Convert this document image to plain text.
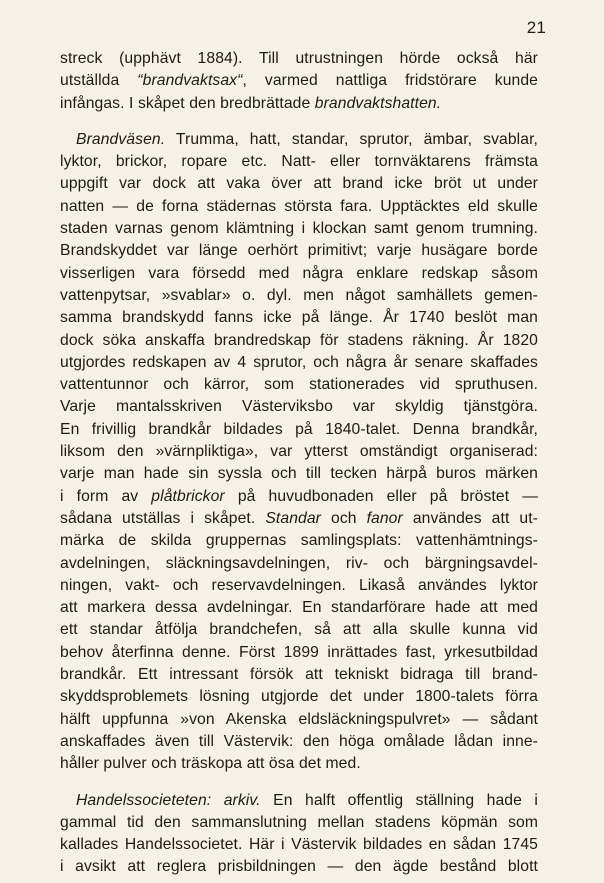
21
streck (upphävt 1884). Till utrustningen hörde också här
utställda “brandvaktsax“, varmed nattliga fridstörare kunde
infångas. I skåpet den bredbrättade brandvaktshatten.
Brandväsen. Trumma, hatt, standar, sprutor, ämbar, svablar,
lyktor, brickor, ropare etc. Natt- eller tornväktarens främsta
uppgift var dock att vaka över att brand icke bröt ut under
natten — de forna städernas största fara. Upptäcktes eld skulle
staden varnas genom klämtning i klockan samt genom trumning.
Brandskyddet var länge oerhört primitivt; varje husägare borde
visserligen vara försedd med några enklare redskap såsom
vattenpytsar, »svablar» o. dyl. men något samhällets gemen-
samma brandskydd fanns icke på länge. År 1740 beslöt man
dock söka anskaffa brandredskap för stadens räkning. År 1820
utgjordes redskapen av 4 sprutor, och några år senare skaffades
vattentunnor och kärror, som stationerades vid spruthusen.
Varje mantalsskriven Västerviksbo var skyldig tjänstgöra.
En frivillig brandkår bildades på 1840-talet. Denna brandkår,
liksom den »värnpliktiga», var ytterst omständigt organiserad:
varje man hade sin syssla och till tecken härpå buros märken
i form av plåtbrickor på huvudbonaden eller på bröstet —
sådana utställas i skåpet. Standar och fanor användes att ut-
märka de skilda gruppernas samlingsplats: vattenhämtnings-
avdelningen, släckningsavdelningen, riv- och bärgningsavdel-
ningen, vakt- och reservavdelningen. Likaså användes lyktor
att markera dessa avdelningar. En standarförare hade att med
ett standar åtfölja brandchefen, så att alla skulle kunna vid
behov återfinna denne. Först 1899 inrättades fast, yrkesutbildad
brandkår. Ett intressant försök att tekniskt bidraga till brand-
skyddsproblemets lösning utgjorde det under 1800-talets förra
hälft uppfunna »von Akenska eldsläckningspulvret» — sådant
anskaffades även till Västervik: den höga omålade lådan inne-
håller pulver och träskopa att ösa det med.
Handelssocieteten: arkiv. En halft offentlig ställning hade i
gammal tid den sammanslutning mellan stadens köpmän som
kallades Handelssocietet. Här i Västervik bildades en sådan 1745
i avsikt att reglera prisbildningen — den ägde bestånd blott
